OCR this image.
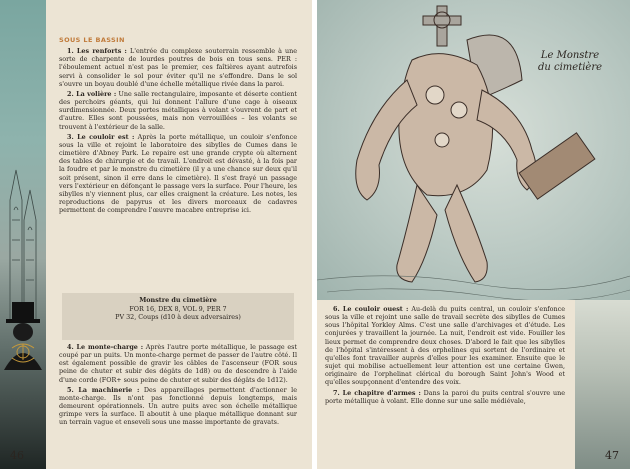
46
SOUS LE BASSIN

1. Les renforts : L'entrée du complexe souterrain ressemble à une sorte de charpente de lourdes poutres de bois en tous sens. PER : l'éboulement actuel n'est pas le premier, ces faîtières ayant autrefois servi à consolider le sol pour éviter qu'il ne s'effondre. Dans le sol s'ouvre un boyau doublé d'une échelle métallique rivée dans la paroi.

2. La volière : Une salle rectangulaire, imposante et déserte contient des perchoirs géants, qui lui donnent l'allure d'une cage à oiseaux surdimensionnée. Deux portes métalliques à volant s'ouvrent de part et d'autre. Elles sont poussées, mais non verrouillées – les volants se trouvent à l'extérieur de la salle.

3. Le couloir est : Après la porte métallique, un couloir s'enfonce sous la ville et rejoint le laboratoire des sibylles de Cumes dans le cimetière d'Abney Park. Le repaire est une grande crypte où alternent des tables de chirurgie et de travail. L'endroit est dévasté, à la fois par la foudre et par le monstre du cimetière (il y a une chance sur deux qu'il soit présent, sinon il erre dans le cimetière). Il s'est frayé un passage vers l'extérieur en défonçant le passage vers la surface. Pour l'heure, les sibylles n'y viennent plus, car elles craignent la créature. Les notes, les reproductions de papyrus et les divers morceaux de cadavres permettent de comprendre l'œuvre macabre entreprise ici.

Monstre du cimetière
FOR 16, DEX 8, VOL 9, PER 7
PV 32, Coups (d10 à deux adversaires)

4. Le monte-charge : Après l'autre porte métallique, le passage est coupé par un puits. Un monte-charge permet de passer de l'autre côté. Il est également possible de gravir les câbles de l'ascenseur (FOR sous peine de chuter et subir des dégâts de 1d8) ou de descendre à l'aide d'une corde (FOR+ sous peine de chuter et subir des dégâts de 1d12).

5. La machinerie : Des appareillages permettent d'actionner le monte-charge. Ils n'ont pas fonctionné depuis longtemps, mais demeurent opérationnels. Un autre puits avec son échelle métallique grimpe vers la surface. Il aboutit à une plaque métallique donnant sur un terrain vague et enseveli sous une masse importante de gravats.

Le Monstre
du cimetière

6. Le couloir ouest : Au-delà du puits central, un couloir s'enfonce sous la ville et rejoint une salle de travail secrète des sibylles de Cumes sous l'hôpital Yorkley Alms. C'est une salle d'archivages et d'étude. Les conjurées y travaillent la journée. La nuit, l'endroit est vide. Fouiller les lieux permet de comprendre deux choses. D'abord le fait que les sibylles de l'hôpital s'intéressent à des orphelines qui sortent de l'ordinaire et qu'elles font travailler auprès d'elles pour les examiner. Ensuite que le sujet qui mobilise actuellement leur attention est une certaine Gwen, originaire de l'orphelinat clérical du borough Saint John's Wood et qu'elles soupçonnent d'entendre des voix.

7. Le chapitre d'armes : Dans la paroi du puits central s'ouvre une porte métallique à volant. Elle donne sur une salle médiévale,

47
